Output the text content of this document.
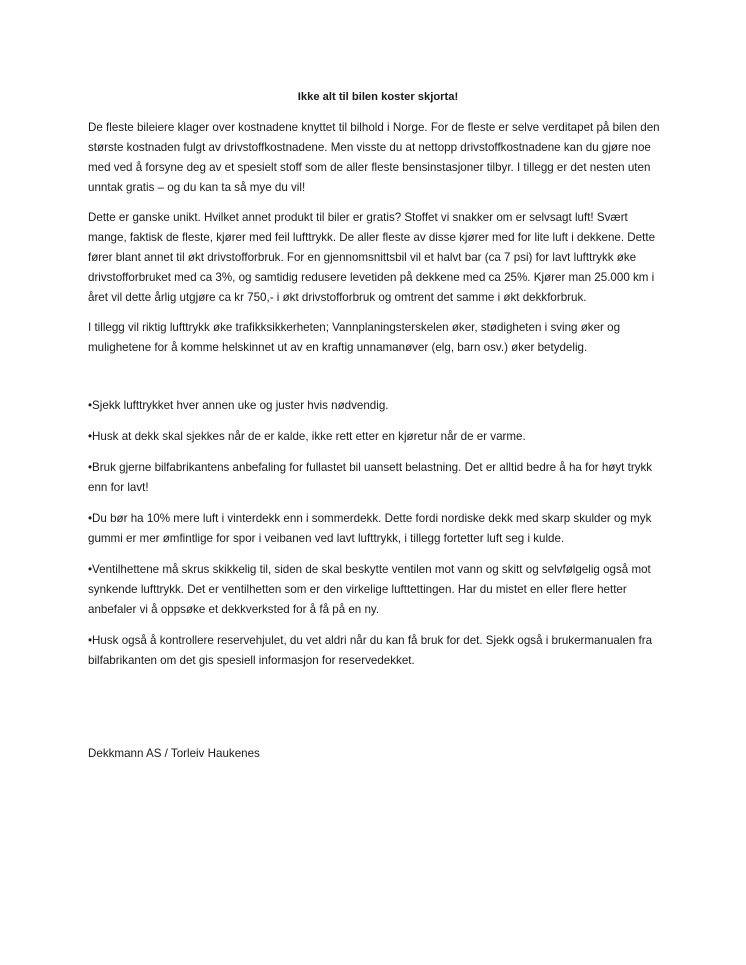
Ikke alt til bilen koster skjorta!

De fleste bileiere klager over kostnadene knyttet til bilhold i Norge. For de fleste er selve verditapet på bilen den største kostnaden fulgt av drivstoffkostnadene. Men visste du at nettopp drivstoffkostnadene kan du gjøre noe med ved å forsyne deg av et spesielt stoff som de aller fleste bensinstasjoner tilbyr. I tillegg er det nesten uten unntak gratis – og du kan ta så mye du vil!

Dette er ganske unikt. Hvilket annet produkt til biler er gratis? Stoffet vi snakker om er selvsagt luft! Svært mange, faktisk de fleste, kjører med feil lufttrykk. De aller fleste av disse kjører med for lite luft i dekkene. Dette fører blant annet til økt drivstofforbruk. For en gjennomsnittsbil vil et halvt bar (ca 7 psi) for lavt lufttrykk øke drivstofforbruket med ca 3%, og samtidig redusere levetiden på dekkene med ca 25%. Kjører man 25.000 km i året vil dette årlig utgjøre ca kr 750,- i økt drivstofforbruk og omtrent det samme i økt dekkforbruk.

I tillegg vil riktig lufttrykk øke trafikksikkerheten; Vannplaningsterskelen øker, stødigheten i sving øker og mulighetene for å komme helskinnet ut av en kraftig unnamanøver (elg, barn osv.) øker betydelig.

•Sjekk lufttrykket hver annen uke og juster hvis nødvendig.

•Husk at dekk skal sjekkes når de er kalde, ikke rett etter en kjøretur når de er varme.

•Bruk gjerne bilfabrikantens anbefaling for fullastet bil uansett belastning. Det er alltid bedre å ha for høyt trykk enn for lavt!

•Du bør ha 10% mere luft i vinterdekk enn i sommerdekk. Dette fordi nordiske dekk med skarp skulder og myk gummi er mer ømfintlige for spor i veibanen ved lavt lufttrykk, i tillegg fortetter luft seg i kulde.

•Ventilhettene må skrus skikkelig til, siden de skal beskytte ventilen mot vann og skitt og selvfølgelig også mot synkende lufttrykk. Det er ventilhetten som er den virkelige lufttettingen. Har du mistet en eller flere hetter anbefaler vi å oppsøke et dekkverksted for å få på en ny.

•Husk også å kontrollere reservehjulet, du vet aldri når du kan få bruk for det. Sjekk også i brukermanualen fra bilfabrikanten om det gis spesiell informasjon for reservedekket.

Dekkmann AS / Torleiv Haukenes
